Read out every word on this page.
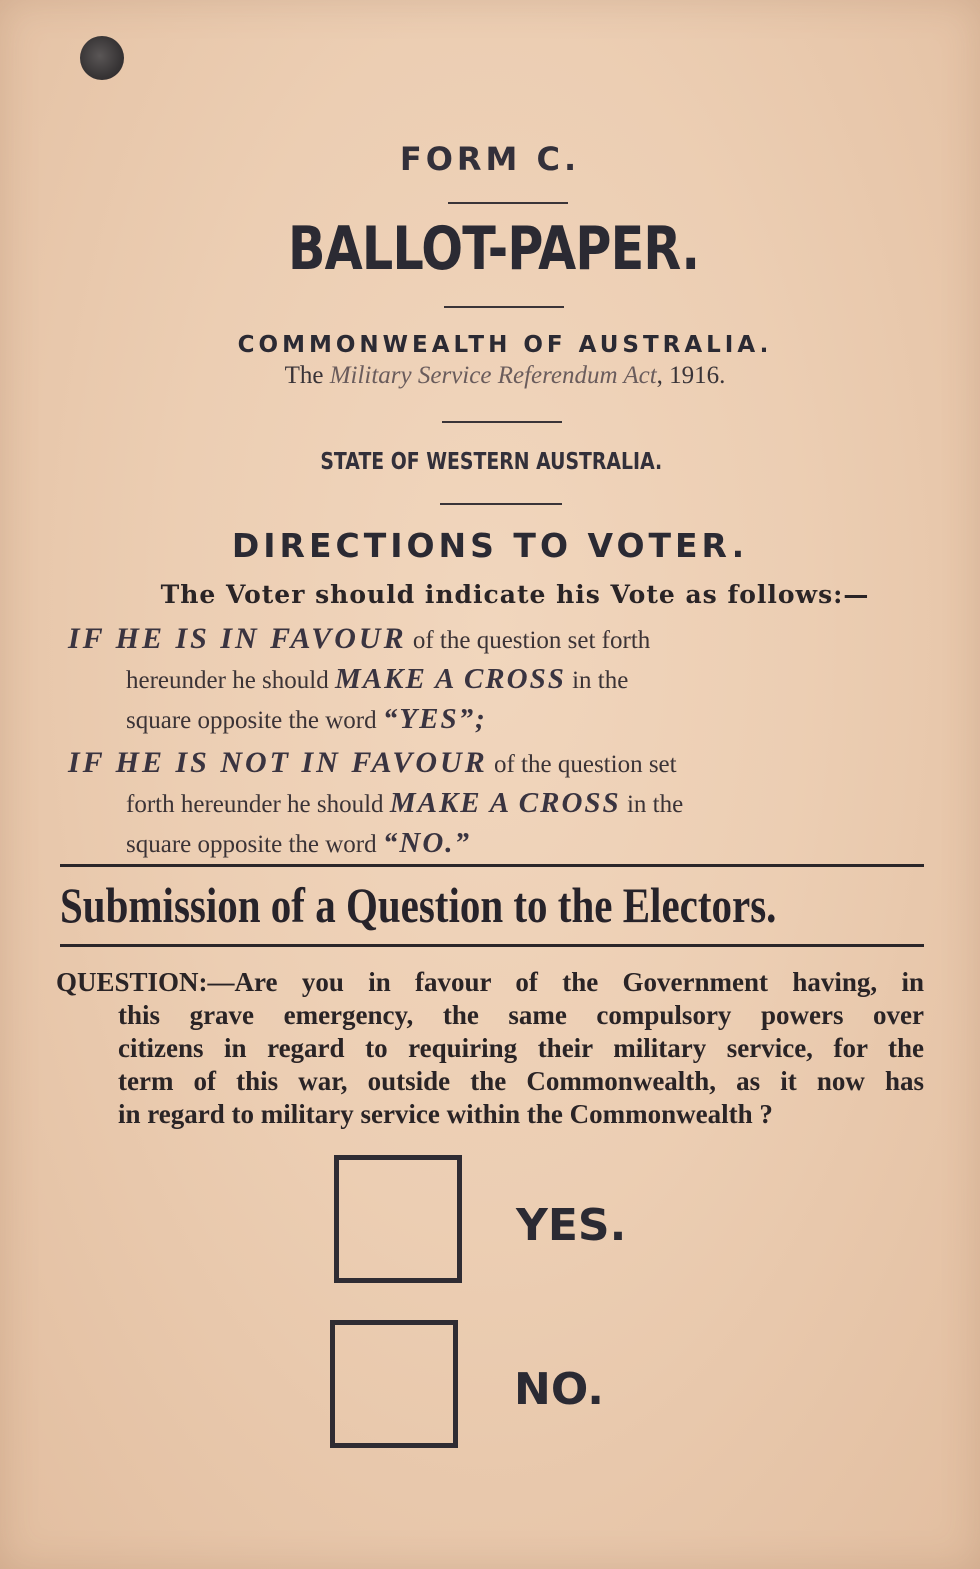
FORM C.
BALLOT-PAPER.
COMMONWEALTH OF AUSTRALIA.
The Military Service Referendum Act, 1916.
STATE OF WESTERN AUSTRALIA.
DIRECTIONS TO VOTER.
The Voter should indicate his Vote as follows:—
IF HE IS IN FAVOUR of the question set forth
hereunder he should MAKE A CROSS in the
square opposite the word “YES”;
IF HE IS NOT IN FAVOUR of the question set
forth hereunder he should MAKE A CROSS in the
square opposite the word “NO.”
Submission of a Question to the Electors.
QUESTION:—Are you in favour of the Government having, in
this grave emergency, the same compulsory powers over
citizens in regard to requiring their military service, for the
term of this war, outside the Commonwealth, as it now has
in regard to military service within the Commonwealth ?
YES.
NO.
